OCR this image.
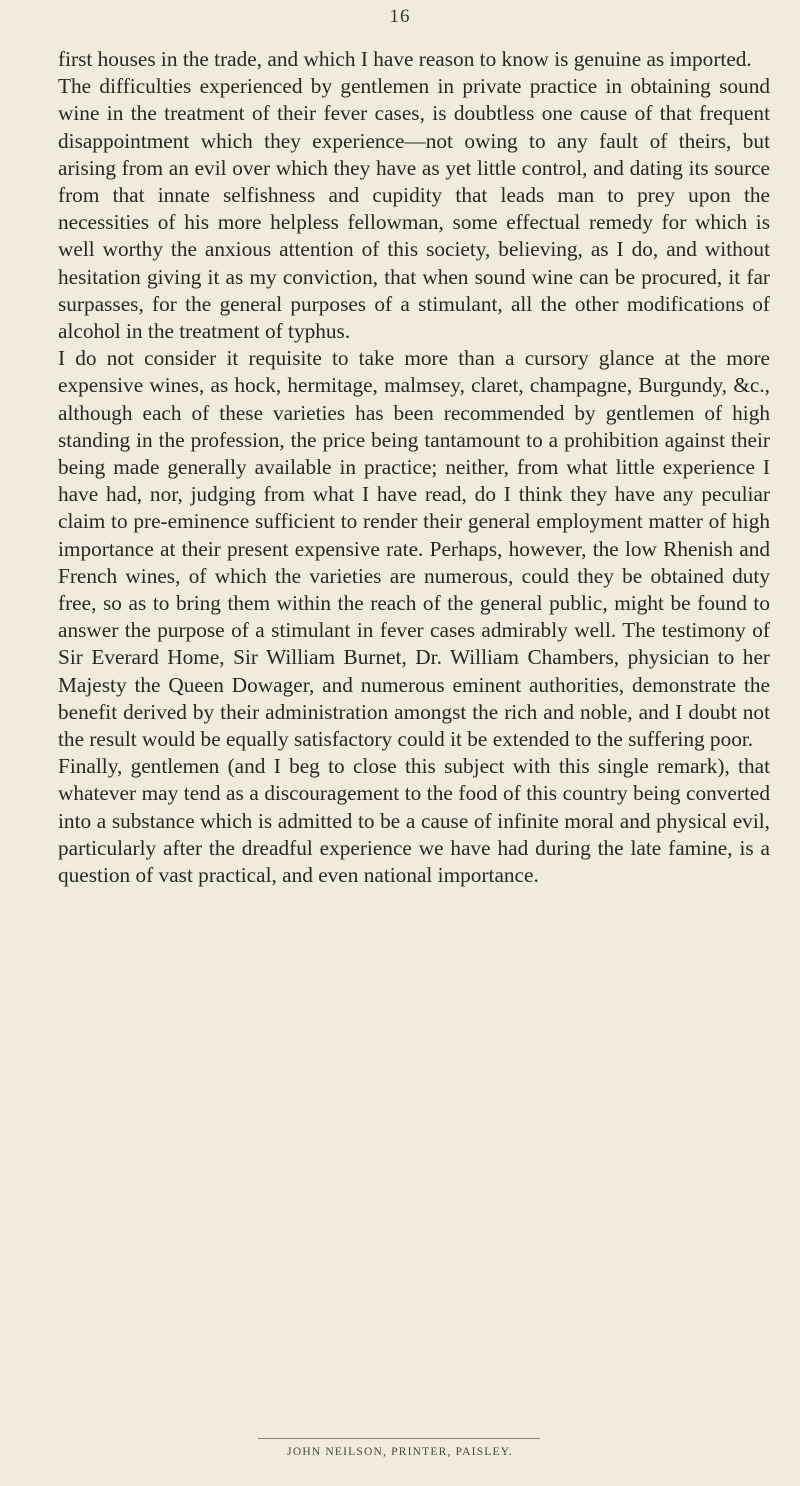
16

first houses in the trade, and which I have reason to know is genuine as imported.

The difficulties experienced by gentlemen in private practice in obtaining sound wine in the treatment of their fever cases, is doubtless one cause of that frequent disappointment which they experience—not owing to any fault of theirs, but arising from an evil over which they have as yet little control, and dating its source from that innate selfishness and cupidity that leads man to prey upon the necessities of his more helpless fellowman, some effectual remedy for which is well worthy the anxious attention of this society, believing, as I do, and without hesitation giving it as my conviction, that when sound wine can be procured, it far surpasses, for the general purposes of a stimulant, all the other modifications of alcohol in the treatment of typhus.

I do not consider it requisite to take more than a cursory glance at the more expensive wines, as hock, hermitage, malmsey, claret, champagne, Burgundy, &c., although each of these varieties has been recommended by gentlemen of high standing in the profession, the price being tantamount to a prohibition against their being made generally available in practice; neither, from what little experience I have had, nor, judging from what I have read, do I think they have any peculiar claim to pre-eminence sufficient to render their general employment matter of high importance at their present expensive rate. Perhaps, however, the low Rhenish and French wines, of which the varieties are numerous, could they be obtained duty free, so as to bring them within the reach of the general public, might be found to answer the purpose of a stimulant in fever cases admirably well. The testimony of Sir Everard Home, Sir William Burnet, Dr. William Chambers, physician to her Majesty the Queen Dowager, and numerous eminent authorities, demonstrate the benefit derived by their administration amongst the rich and noble, and I doubt not the result would be equally satisfactory could it be extended to the suffering poor.

Finally, gentlemen (and I beg to close this subject with this single remark), that whatever may tend as a discouragement to the food of this country being converted into a substance which is admitted to be a cause of infinite moral and physical evil, particularly after the dreadful experience we have had during the late famine, is a question of vast practical, and even national importance.

JOHN NEILSON, PRINTER, PAISLEY.
